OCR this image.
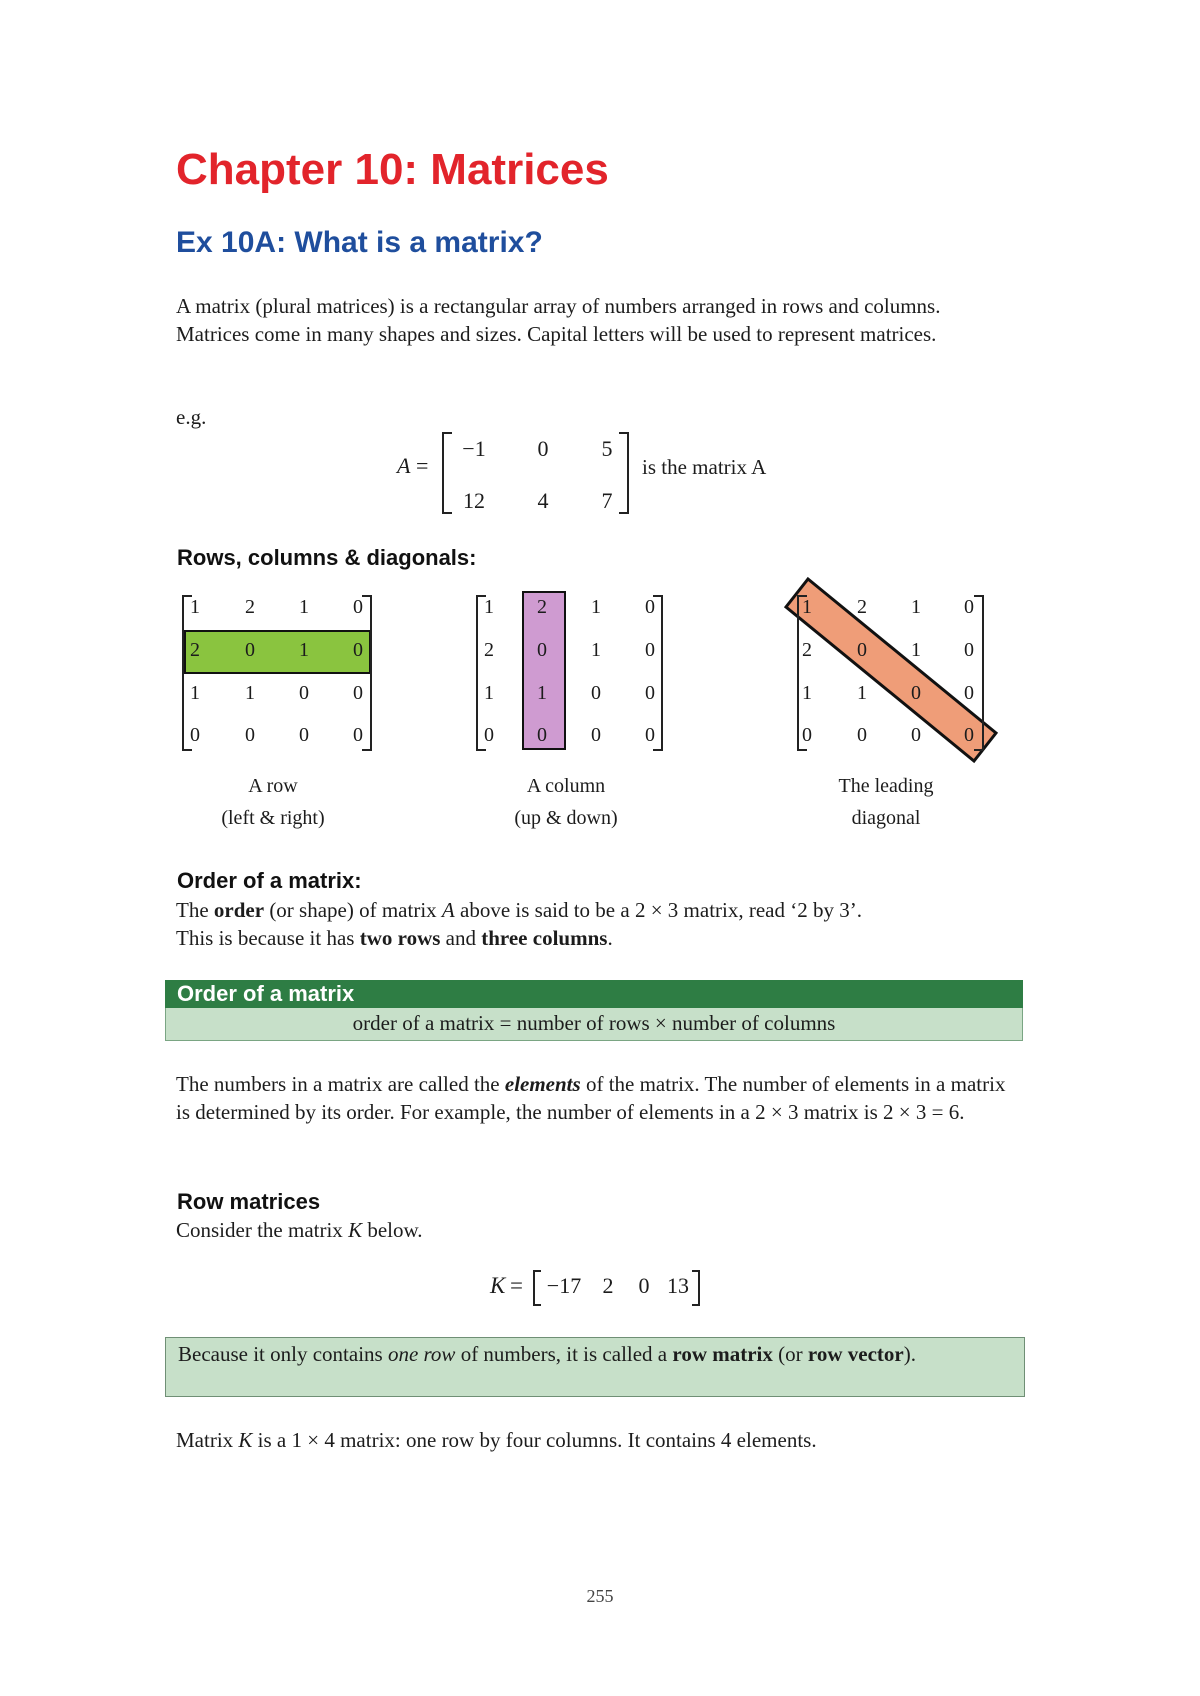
Chapter 10: Matrices
Ex 10A: What is a matrix?

A matrix (plural matrices) is a rectangular array of numbers arranged in rows and columns. Matrices come in many shapes and sizes. Capital letters will be used to represent matrices.

e.g.
A =
−1	0	5
12	4	7
is the matrix A
Rows, columns & diagonals:
1	2	1	0
2	0	1	0
1	1	0	0
0	0	0	0
A row
(left & right)
1	2	1	0
2	0	1	0
1	1	0	0
0	0	0	0
A column
(up & down)
1	2	1	0
2	0	1	0
1	1	0	0
0	0	0	0
The leading
diagonal
Order of a matrix:
The order (or shape) of matrix A above is said to be a 2 × 3 matrix, read ‘2 by 3’.
This is because it has two rows and three columns.
Order of a matrix
order of a matrix = number of rows × number of columns

The numbers in a matrix are called the elements of the matrix. The number of elements in a matrix is determined by its order. For example, the number of elements in a 2 × 3 matrix is 2 × 3 = 6.

Row matrices

Consider the matrix K below.

K =	−17 2	0 13
Because it only contains one row of numbers, it is called a row matrix (or row vector).

Matrix K is a 1 × 4 matrix: one row by four columns. It contains 4 elements.

255
